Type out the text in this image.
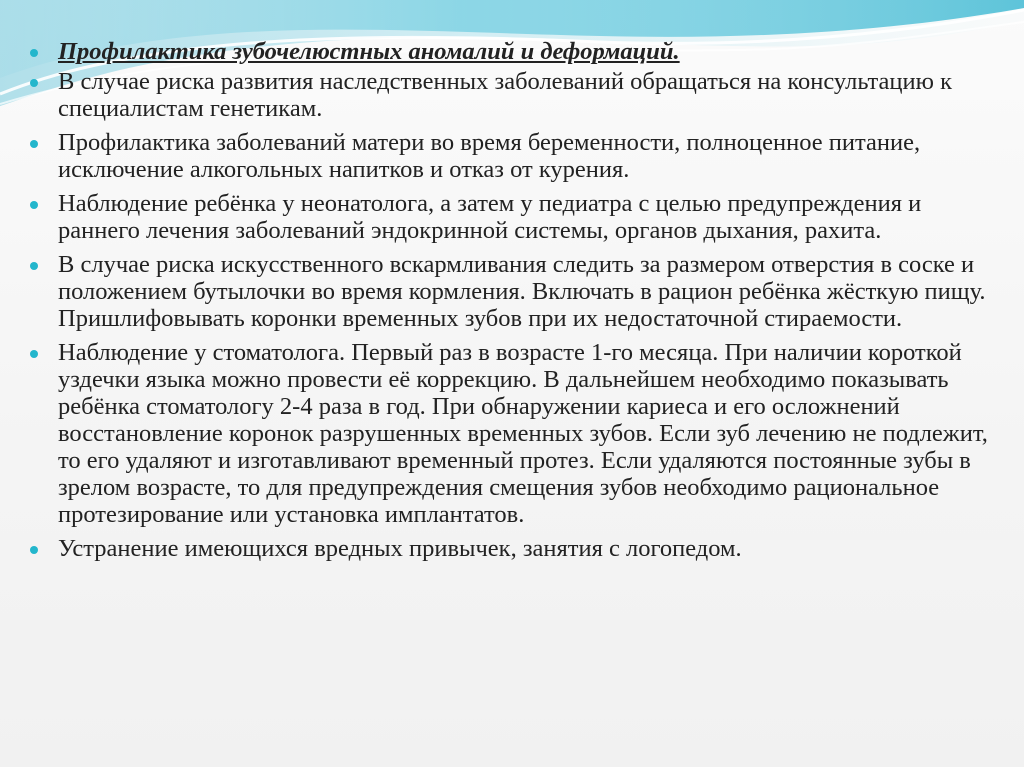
Профилактика зубочелюстных аномалий и деформаций.
В случае риска развития наследственных заболеваний обращаться на консультацию к специалистам генетикам.
Профилактика заболеваний матери во время беременности, полноценное питание, исключение алкогольных напитков и отказ от курения.
Наблюдение ребёнка у неонатолога, а затем у педиатра с целью предупреждения и раннего лечения заболеваний эндокринной системы, органов дыхания, рахита.
В случае риска искусственного вскармливания следить за размером отверстия в соске и положением бутылочки во время кормления. Включать в рацион ребёнка жёсткую пищу. Пришлифовывать коронки временных зубов при их недостаточной стираемости.
Наблюдение у стоматолога. Первый раз в возрасте 1-го месяца. При наличии короткой уздечки языка можно провести её коррекцию. В дальнейшем необходимо показывать ребёнка стоматологу 2-4 раза в год. При обнаружении кариеса и его осложнений восстановление коронок разрушенных временных зубов. Если зуб лечению не подлежит, то его удаляют и изготавливают временный протез. Если удаляются постоянные зубы в зрелом возрасте, то для предупреждения смещения зубов необходимо рациональное протезирование или установка имплантатов.
Устранение имеющихся вредных привычек, занятия с логопедом.
